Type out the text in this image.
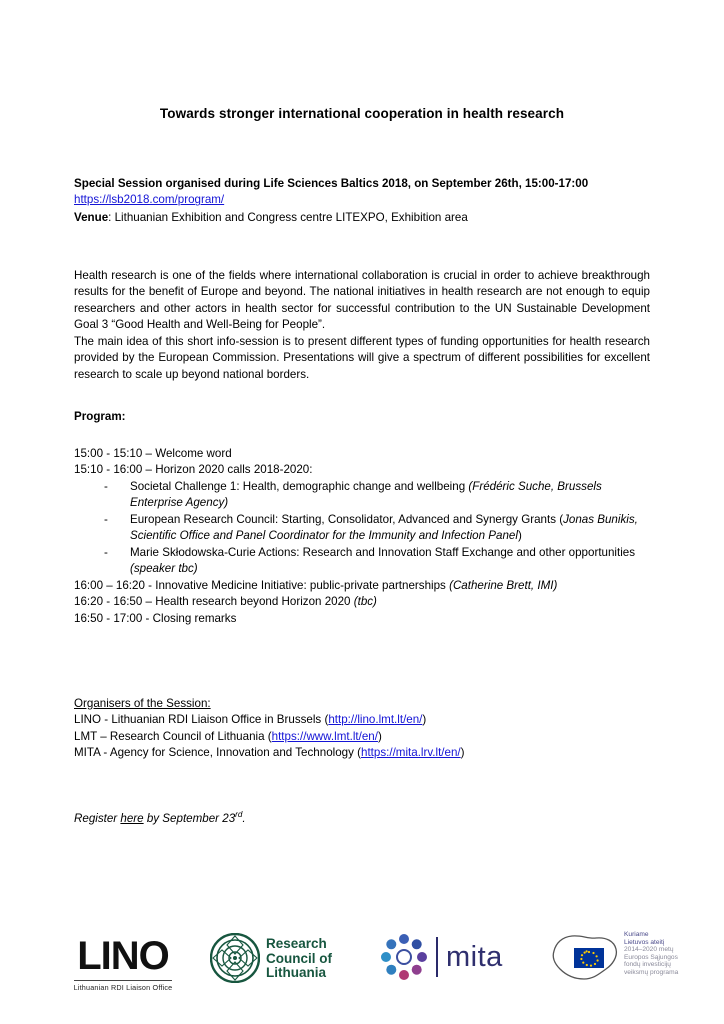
Towards stronger international cooperation in health research
Special Session organised during Life Sciences Baltics 2018, on September 26th, 15:00-17:00
https://lsb2018.com/program/
Venue: Lithuanian Exhibition and Congress centre LITEXPO, Exhibition area
Health research is one of the fields where international collaboration is crucial in order to achieve breakthrough results for the benefit of Europe and beyond. The national initiatives in health research are not enough to equip researchers and other actors in health sector for successful contribution to the UN Sustainable Development Goal 3 “Good Health and Well-Being for People”.
The main idea of this short info-session is to present different types of funding opportunities for health research provided by the European Commission. Presentations will give a spectrum of different possibilities for excellent research to scale up beyond national borders.
Program:
15:00 - 15:10 – Welcome word
15:10 - 16:00 – Horizon 2020 calls 2018-2020:
- Societal Challenge 1: Health, demographic change and wellbeing (Frédéric Suche, Brussels Enterprise Agency)
- European Research Council: Starting, Consolidator, Advanced and Synergy Grants (Jonas Bunikis, Scientific Office and Panel Coordinator for the Immunity and Infection Panel)
- Marie Skłodowska-Curie Actions: Research and Innovation Staff Exchange and other opportunities (speaker tbc)
16:00 – 16:20 - Innovative Medicine Initiative: public-private partnerships (Catherine Brett, IMI)
16:20 - 16:50 – Health research beyond Horizon 2020 (tbc)
16:50 - 17:00 - Closing remarks
Organisers of the Session:
LINO - Lithuanian RDI Liaison Office in Brussels (http://lino.lmt.lt/en/)
LMT – Research Council of Lithuania (https://www.lmt.lt/en/)
MITA - Agency for Science, Innovation and Technology (https://mita.lrv.lt/en/)
Register here by September 23rd.
LINO
Lithuanian RDI Liaison Office
Research
Council of
Lithuania	mita
Kuriame
Lietuvos ateitį
2014–2020 metų
Europos Sąjungos
fondų investicijų
veiksmų programa
